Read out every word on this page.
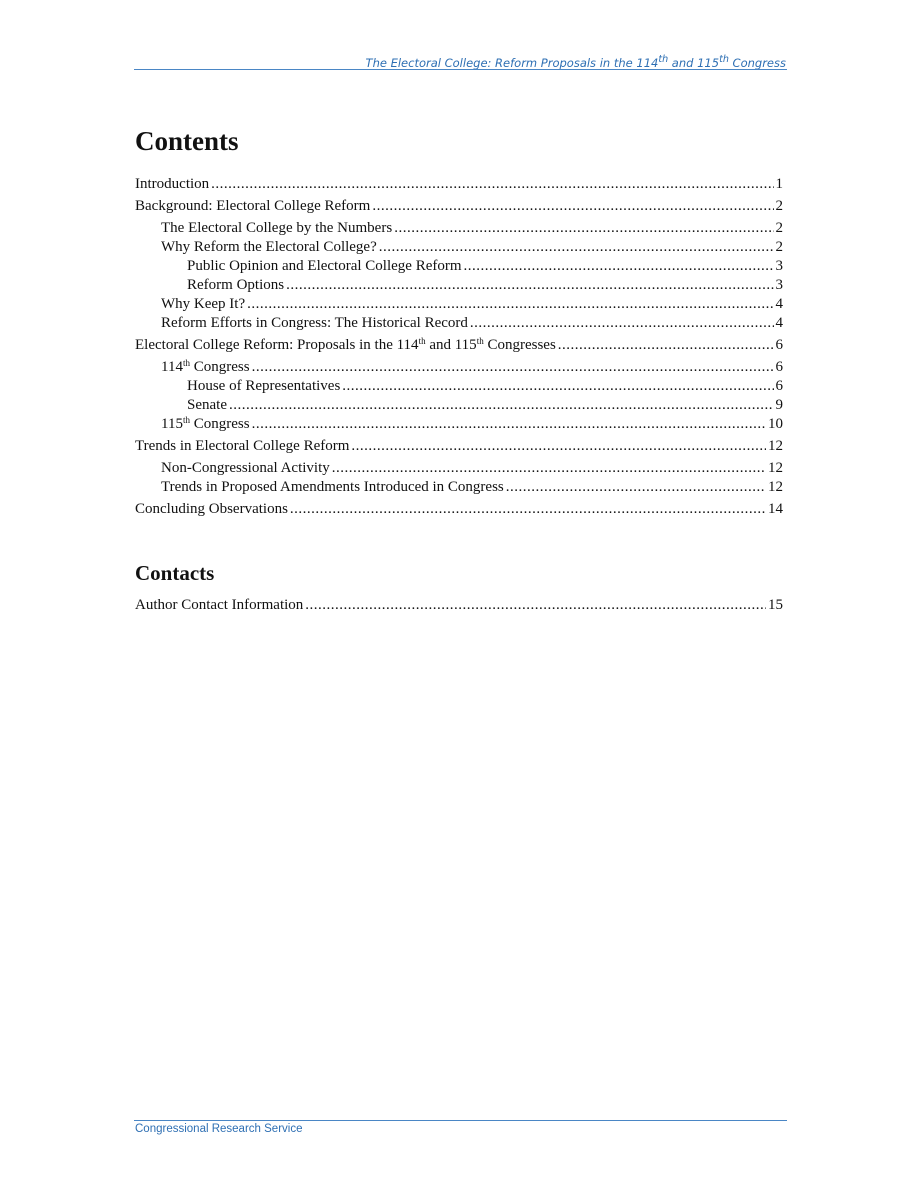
The Electoral College: Reform Proposals in the 114th and 115th Congress
Contents
Introduction .....	1
Background: Electoral College Reform .....	2
The Electoral College by the Numbers .....	2
Why Reform the Electoral College? .....	2
Public Opinion and Electoral College Reform .....	3
Reform Options .....	3
Why Keep It? .....	4
Reform Efforts in Congress: The Historical Record .....	4
Electoral College Reform: Proposals in the 114th and 115th Congresses .....	6
114th Congress .....	6
House of Representatives .....	6
Senate .....	9
115th Congress .....	10
Trends in Electoral College Reform .....	12
Non-Congressional Activity .....	12
Trends in Proposed Amendments Introduced in Congress .....	12
Concluding Observations .....	14
Contacts
Author Contact Information .....	15
Congressional Research Service
